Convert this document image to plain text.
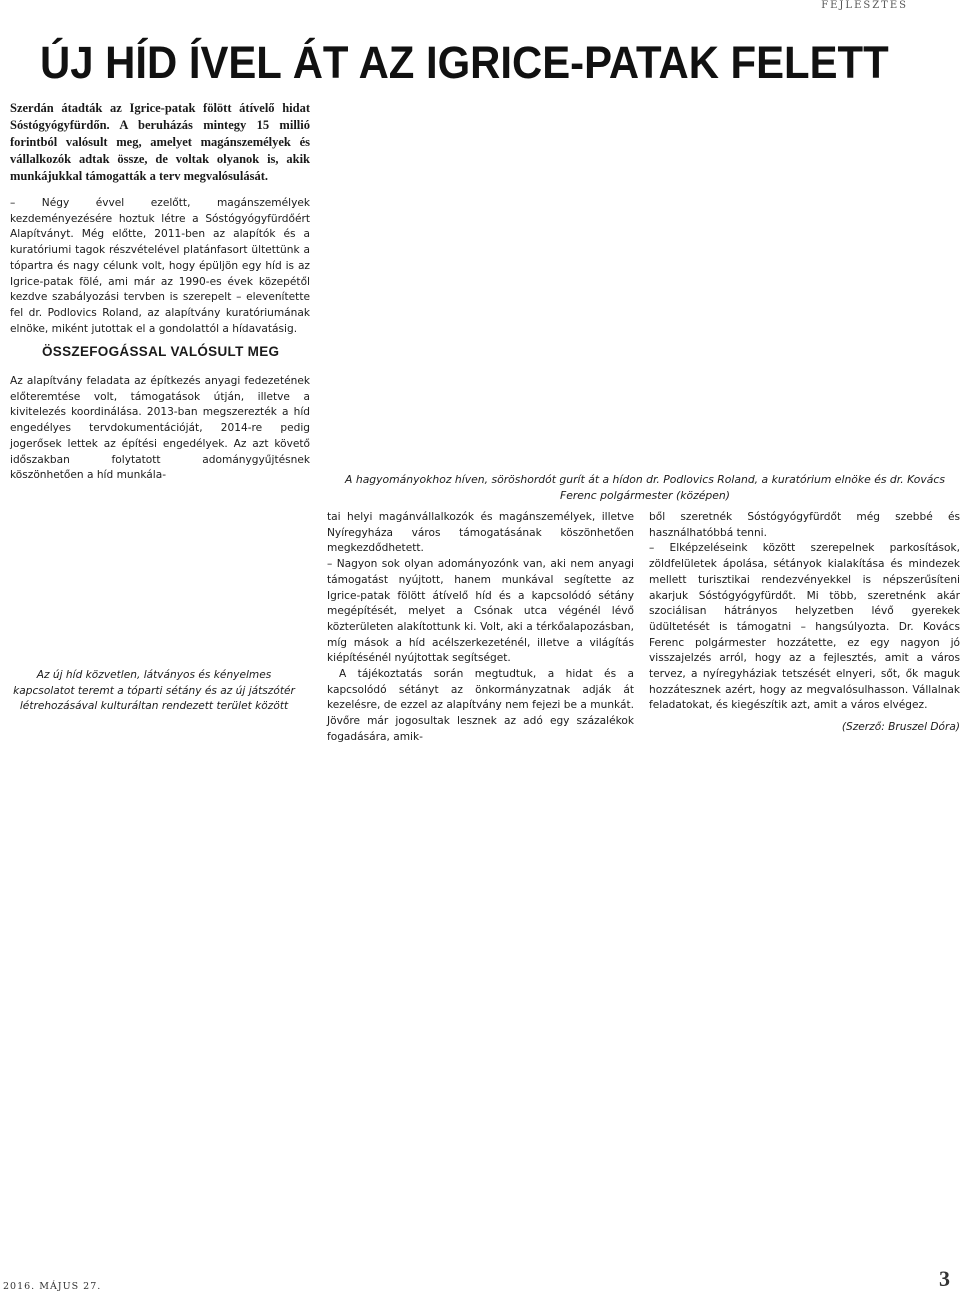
FEJLESZTÉS
ÚJ HÍD ÍVEL ÁT AZ IGRICE-PATAK FELETT
Szerdán átadták az Igrice-patak fölött átívelő hidat Sóstógyógyfürdőn. A beruházás mintegy 15 millió forintból valósult meg, amelyet magánszemélyek és vállalkozók adtak össze, de voltak olyanok is, akik munkájukkal támogatták a terv megvalósulását.
– Négy évvel ezelőtt, magánszemélyek kezdeményezésére hoztuk létre a Sóstógyógyfürdőért Alapítványt. Még előtte, 2011-ben az alapítók és a kuratóriumi tagok részvételével platánfasort ültettünk a tópartra és nagy célunk volt, hogy épüljön egy híd is az Igrice-patak fölé, ami már az 1990-es évek közepétől kezdve szabályozási tervben is szerepelt – elevenítette fel dr. Podlovics Roland, az alapítvány kuratóriumának elnöke, miként jutottak el a gondolattól a hídavatásig.
ÖSSZEFOGÁSSAL VALÓSULT MEG
Az alapítvány feladata az építkezés anyagi fedezetének előteremtése volt, támogatások útján, illetve a kivitelezés koordinálása. 2013-ban megszerezték a híd engedélyes tervdokumentációját, 2014-re pedig jogerősek lettek az építési engedélyek. Az azt követő időszakban folytatott adománygyűjtésnek köszönhetően a híd munkála-	A hagyományokhoz híven, söröshordót gurít át a hídon dr. Podlovics Roland, a kuratórium elnöke és dr. Kovács Ferenc polgármester (középen)
Az új híd közvetlen, látványos és kényelmes kapcsolatot teremt a tóparti sétány és az új játszótér létrehozásával kulturáltan rendezett terület között

tai helyi magánvállalkozók és magánszemélyek, illetve Nyíregyháza város támogatásának köszönhetően megkezdődhetett.

– Nagyon sok olyan adományozónk van, aki nem anyagi támogatást nyújtott, hanem munkával segítette az Igrice-patak fölött átívelő híd és a kapcsolódó sétány megépítését, melyet a Csónak utca végénél lévő közterületen alakítottunk ki. Volt, aki a térkőalapozásban, míg mások a híd acélszerkezeténél, illetve a világítás kiépítésénél nyújtottak segítséget.

A tájékoztatás során megtudtuk, a hidat és a kapcsolódó sétányt az önkormányzatnak adják át kezelésre, de ezzel az alapítvány nem fejezi be a munkát. Jövőre már jogosultak lesznek az adó egy százalékok fogadására, amik-

ből szeretnék Sóstógyógyfürdőt még szebbé és használhatóbbá tenni.

– Elképzeléseink között szerepelnek parkosítások, zöldfelületek ápolása, sétányok kialakítása és mindezek mellett turisztikai rendezvényekkel is népszerűsíteni akarjuk Sóstógyógyfürdőt. Mi több, szeretnénk akár szociálisan hátrányos helyzetben lévő gyerekek üdültetését is támogatni – hangsúlyozta. Dr. Kovács Ferenc polgármester hozzátette, ez egy nagyon jó visszajelzés arról, hogy az a fejlesztés, amit a város tervez, a nyíregyháziak tetszését elnyeri, sőt, ők maguk hozzátesznek azért, hogy az megvalósulhasson. Vállalnak feladatokat, és kiegészítik azt, amit a város elvégez.

(Szerző: Bruszel Dóra)

2016. MÁJUS 27.	3
